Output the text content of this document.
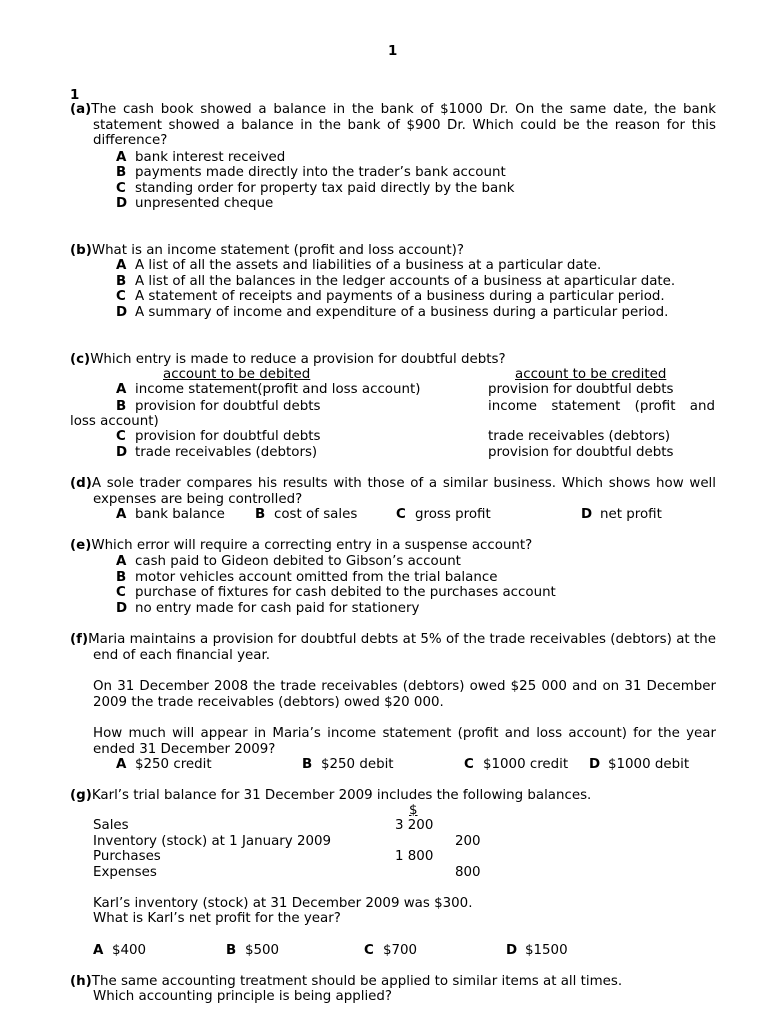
1
1
(a)The cash book showed a balance in the bank of $1000 Dr. On the same date, the bank statement showed a balance in the bank of $900 Dr. Which could be the reason for this difference?
A bank interest received
B payments made directly into the trader’s bank account
C standing order for property tax paid directly by the bank
D unpresented cheque
(b)What is an income statement (profit and loss account)?
A A list of all the assets and liabilities of a business at a particular date.
B A list of all the balances in the ledger accounts of a business at aparticular date.
C A statement of receipts and payments of a business during a particular period.
D A summary of income and expenditure of a business during a particular period.
(c)Which entry is made to reduce a provision for doubtful debts?
account to be debited	account to be credited
A income statement(profit and loss account)	provision for doubtful debts
B provision for doubtful debts	income statement (profit and
loss account)
C provision for doubtful debts	trade receivables (debtors)
D trade receivables (debtors)	provision for doubtful debts
(d)A sole trader compares his results with those of a similar business. Which shows how well expenses are being controlled?
A bank balance B cost of sales	C gross profit	D net profit
(e)Which error will require a correcting entry in a suspense account?
A cash paid to Gideon debited to Gibson’s account
B motor vehicles account omitted from the trial balance
C purchase of fixtures for cash debited to the purchases account
D no entry made for cash paid for stationery
(f)Maria maintains a provision for doubtful debts at 5% of the trade receivables (debtors) at the end of each financial year.
On 31 December 2008 the trade receivables (debtors) owed $25 000 and on 31 December 2009 the trade receivables (debtors) owed $20 000.
How much will appear in Maria’s income statement (profit and loss account) for the year ended 31 December 2009?
A $250 credit	B $250 debit	C $1000 credit D $1000 debit
(g)Karl’s trial balance for 31 December 2009 includes the following balances.
$
Sales	3 200
Inventory (stock) at 1 January 2009	200
Purchases	1 800
Expenses	800
Karl’s inventory (stock) at 31 December 2009 was $300.
What is Karl’s net profit for the year?
A $400	B $500	C $700	D $1500
(h)The same accounting treatment should be applied to similar items at all times.
Which accounting principle is being applied?
